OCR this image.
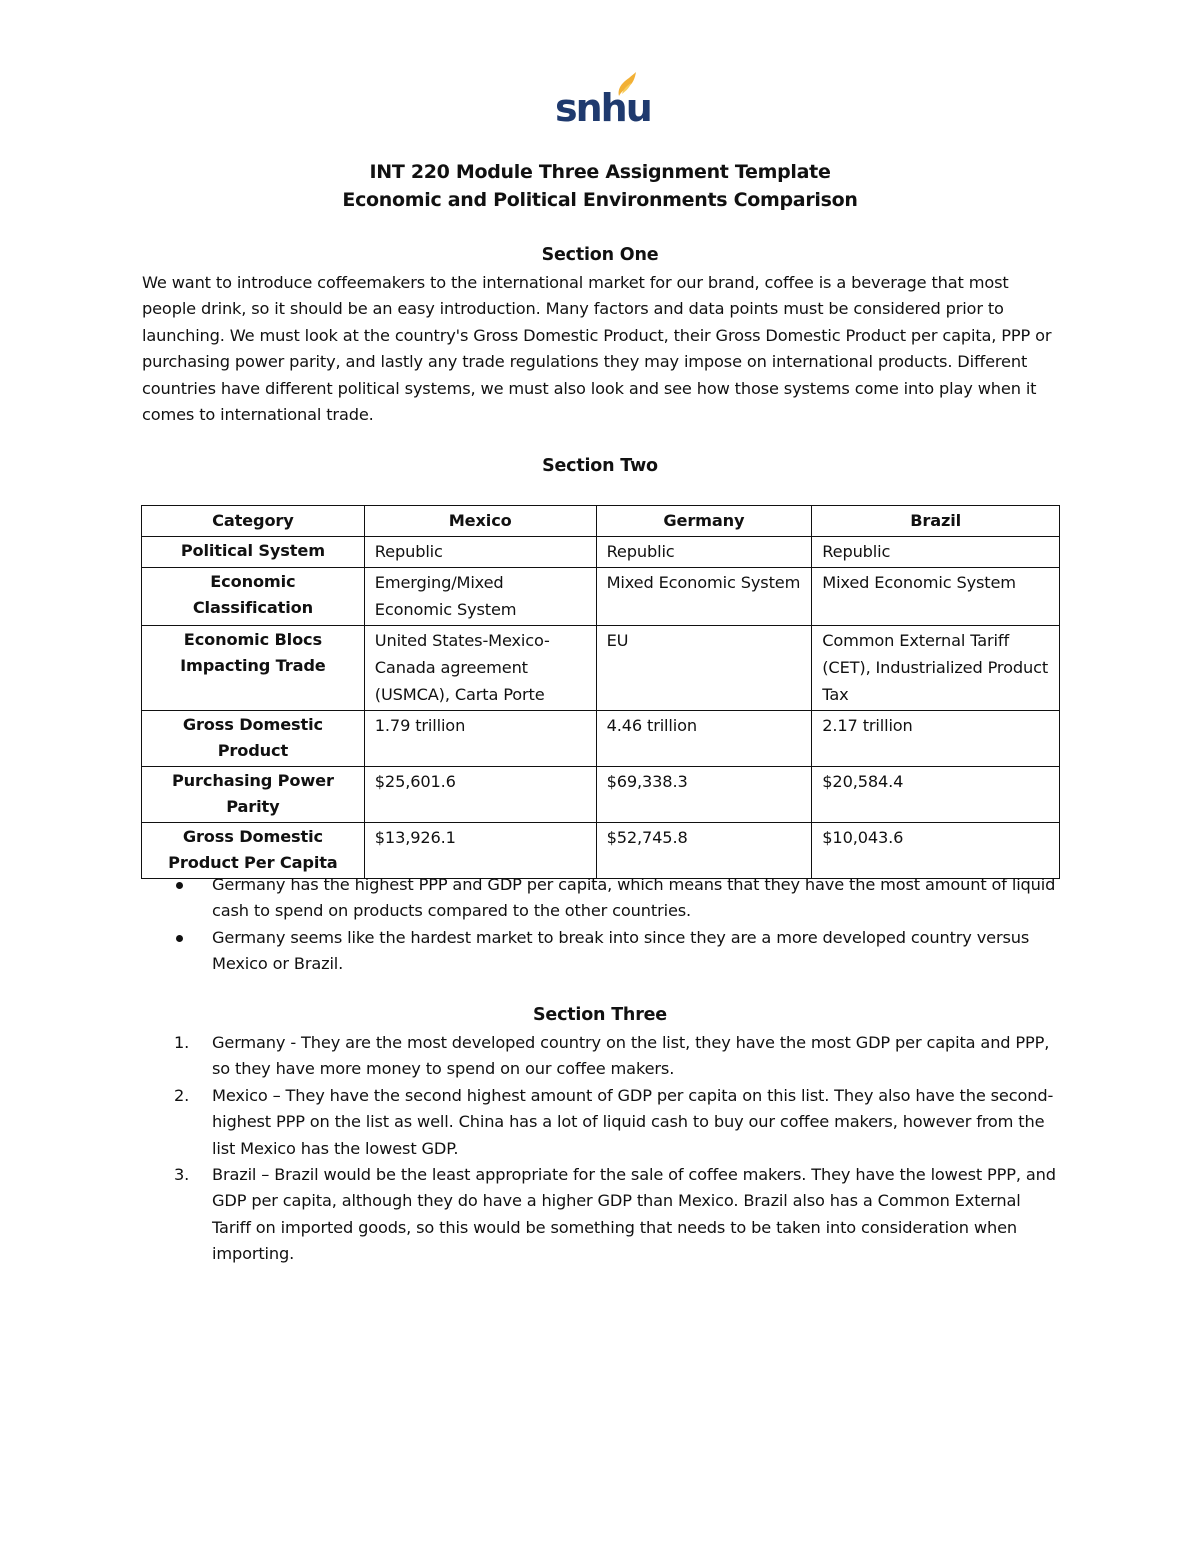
snhu

INT 220 Module Three Assignment Template

Economic and Political Environments Comparison

Section One

We want to introduce coffeemakers to the international market for our brand, coffee is a beverage that most people drink, so it should be an easy introduction. Many factors and data points must be considered prior to launching. We must look at the country's Gross Domestic Product, their Gross Domestic Product per capita, PPP or purchasing power parity, and lastly any trade regulations they may impose on international products. Different countries have different political systems, we must also look and see how those systems come into play when it comes to international trade.

Section Two

Category	Mexico	Germany	Brazil
Political System	Republic	Republic	Republic
Economic Classification	Emerging/Mixed Economic System	Mixed Economic System	Mixed Economic System
Economic Blocs Impacting Trade	United States-Mexico-Canada agreement (USMCA), Carta Porte	EU	Common External Tariff (CET), Industrialized Product Tax
Gross Domestic Product	1.79 trillion	4.46 trillion	2.17 trillion
Purchasing Power Parity	$25,601.6	$69,338.3	$20,584.4
Gross Domestic Product Per Capita	$13,926.1	$52,745.8	$10,043.6
Germany has the highest PPP and GDP per capita, which means that they have the most amount of liquid cash to spend on products compared to the other countries.
Germany seems like the hardest market to break into since they are a more developed country versus Mexico or Brazil.

Section Three

1. Germany - They are the most developed country on the list, they have the most GDP per capita and PPP, so they have more money to spend on our coffee makers.
2. Mexico – They have the second highest amount of GDP per capita on this list. They also have the second-highest PPP on the list as well. China has a lot of liquid cash to buy our coffee makers, however from the list Mexico has the lowest GDP.
3. Brazil – Brazil would be the least appropriate for the sale of coffee makers. They have the lowest PPP, and GDP per capita, although they do have a higher GDP than Mexico. Brazil also has a Common External Tariff on imported goods, so this would be something that needs to be taken into consideration when importing.
